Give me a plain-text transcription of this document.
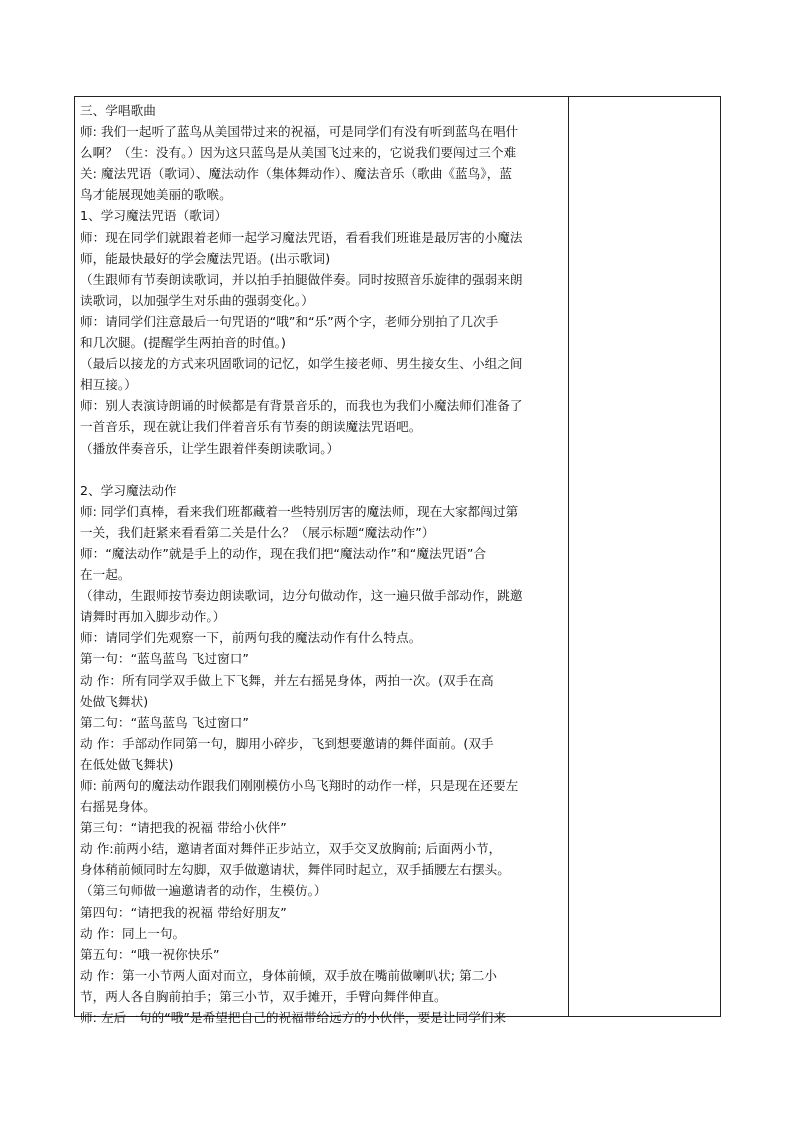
三、学唱歌曲
师: 我们一起听了蓝鸟从美国带过来的祝福，可是同学们有没有听到蓝鸟在唱什
么啊？（生：没有。）因为这只蓝鸟是从美国飞过来的，它说我们要闯过三个难
关: 魔法咒语（歌词）、魔法动作（集体舞动作）、魔法音乐（歌曲《蓝鸟》，蓝
鸟才能展现她美丽的歌喉。
1、学习魔法咒语（歌词）
师：现在同学们就跟着老师一起学习魔法咒语，看看我们班谁是最厉害的小魔法
师，能最快最好的学会魔法咒语。(出示歌词)
（生跟师有节奏朗读歌词，并以拍手拍腿做伴奏。同时按照音乐旋律的强弱来朗
读歌词，以加强学生对乐曲的强弱变化。）
师：请同学们注意最后一句咒语的“哦”和“乐”两个字，老师分别拍了几次手
和几次腿。(提醒学生两拍音的时值。)
（最后以接龙的方式来巩固歌词的记忆，如学生接老师、男生接女生、小组之间
相互接。）
师：别人表演诗朗诵的时候都是有背景音乐的，而我也为我们小魔法师们准备了
一首音乐，现在就让我们伴着音乐有节奏的朗读魔法咒语吧。
（播放伴奏音乐，让学生跟着伴奏朗读歌词。）
2、学习魔法动作
师: 同学们真棒，看来我们班都藏着一些特别厉害的魔法师，现在大家都闯过第
一关，我们赶紧来看看第二关是什么？（展示标题“魔法动作”）
师：“魔法动作”就是手上的动作，现在我们把“魔法动作”和“魔法咒语”合
在一起。
（律动，生跟师按节奏边朗读歌词，边分句做动作，这一遍只做手部动作，跳邀
请舞时再加入脚步动作。）
师：请同学们先观察一下，前两句我的魔法动作有什么特点。
第一句：“蓝鸟蓝鸟 飞过窗口”
动 作：所有同学双手做上下飞舞，并左右摇晃身体，两拍一次。(双手在高
处做飞舞状)
第二句：“蓝鸟蓝鸟 飞过窗口”
动 作：手部动作同第一句，脚用小碎步，飞到想要邀请的舞伴面前。(双手
在低处做飞舞状)
师: 前两句的魔法动作跟我们刚刚模仿小鸟飞翔时的动作一样，只是现在还要左
右摇晃身体。
第三句：“请把我的祝福 带给小伙伴”
动 作:前两小结，邀请者面对舞伴正步站立，双手交叉放胸前; 后面两小节，
身体稍前倾同时左勾脚，双手做邀请状，舞伴同时起立，双手插腰左右摆头。
（第三句师做一遍邀请者的动作，生模仿。）
第四句：“请把我的祝福 带给好朋友”
动 作：同上一句。
第五句：“哦一祝你快乐”
动 作：第一小节两人面对而立，身体前倾，双手放在嘴前做喇叭状; 第二小
节，两人各自胸前拍手；第三小节，双手摊开，手臂向舞伴伸直。
师: 左后一句的“哦”是希望把自己的祝福带给远方的小伙伴，要是让同学们来
